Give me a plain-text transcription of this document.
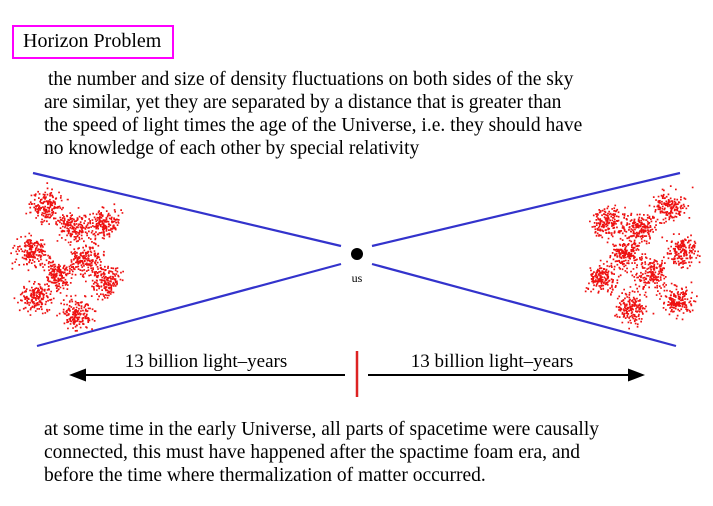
Horizon Problem
the number and size of density fluctuations on both sides of the sky
are similar, yet they are separated by a distance that is greater than
the speed of light times the age of the Universe, i.e. they should have
no knowledge of each other by special relativity
us
13 billion light–years	13 billion light–years
at some time in the early Universe, all parts of spacetime were causally
connected, this must have happened after the spactime foam era, and
before the time where thermalization of matter occurred.
